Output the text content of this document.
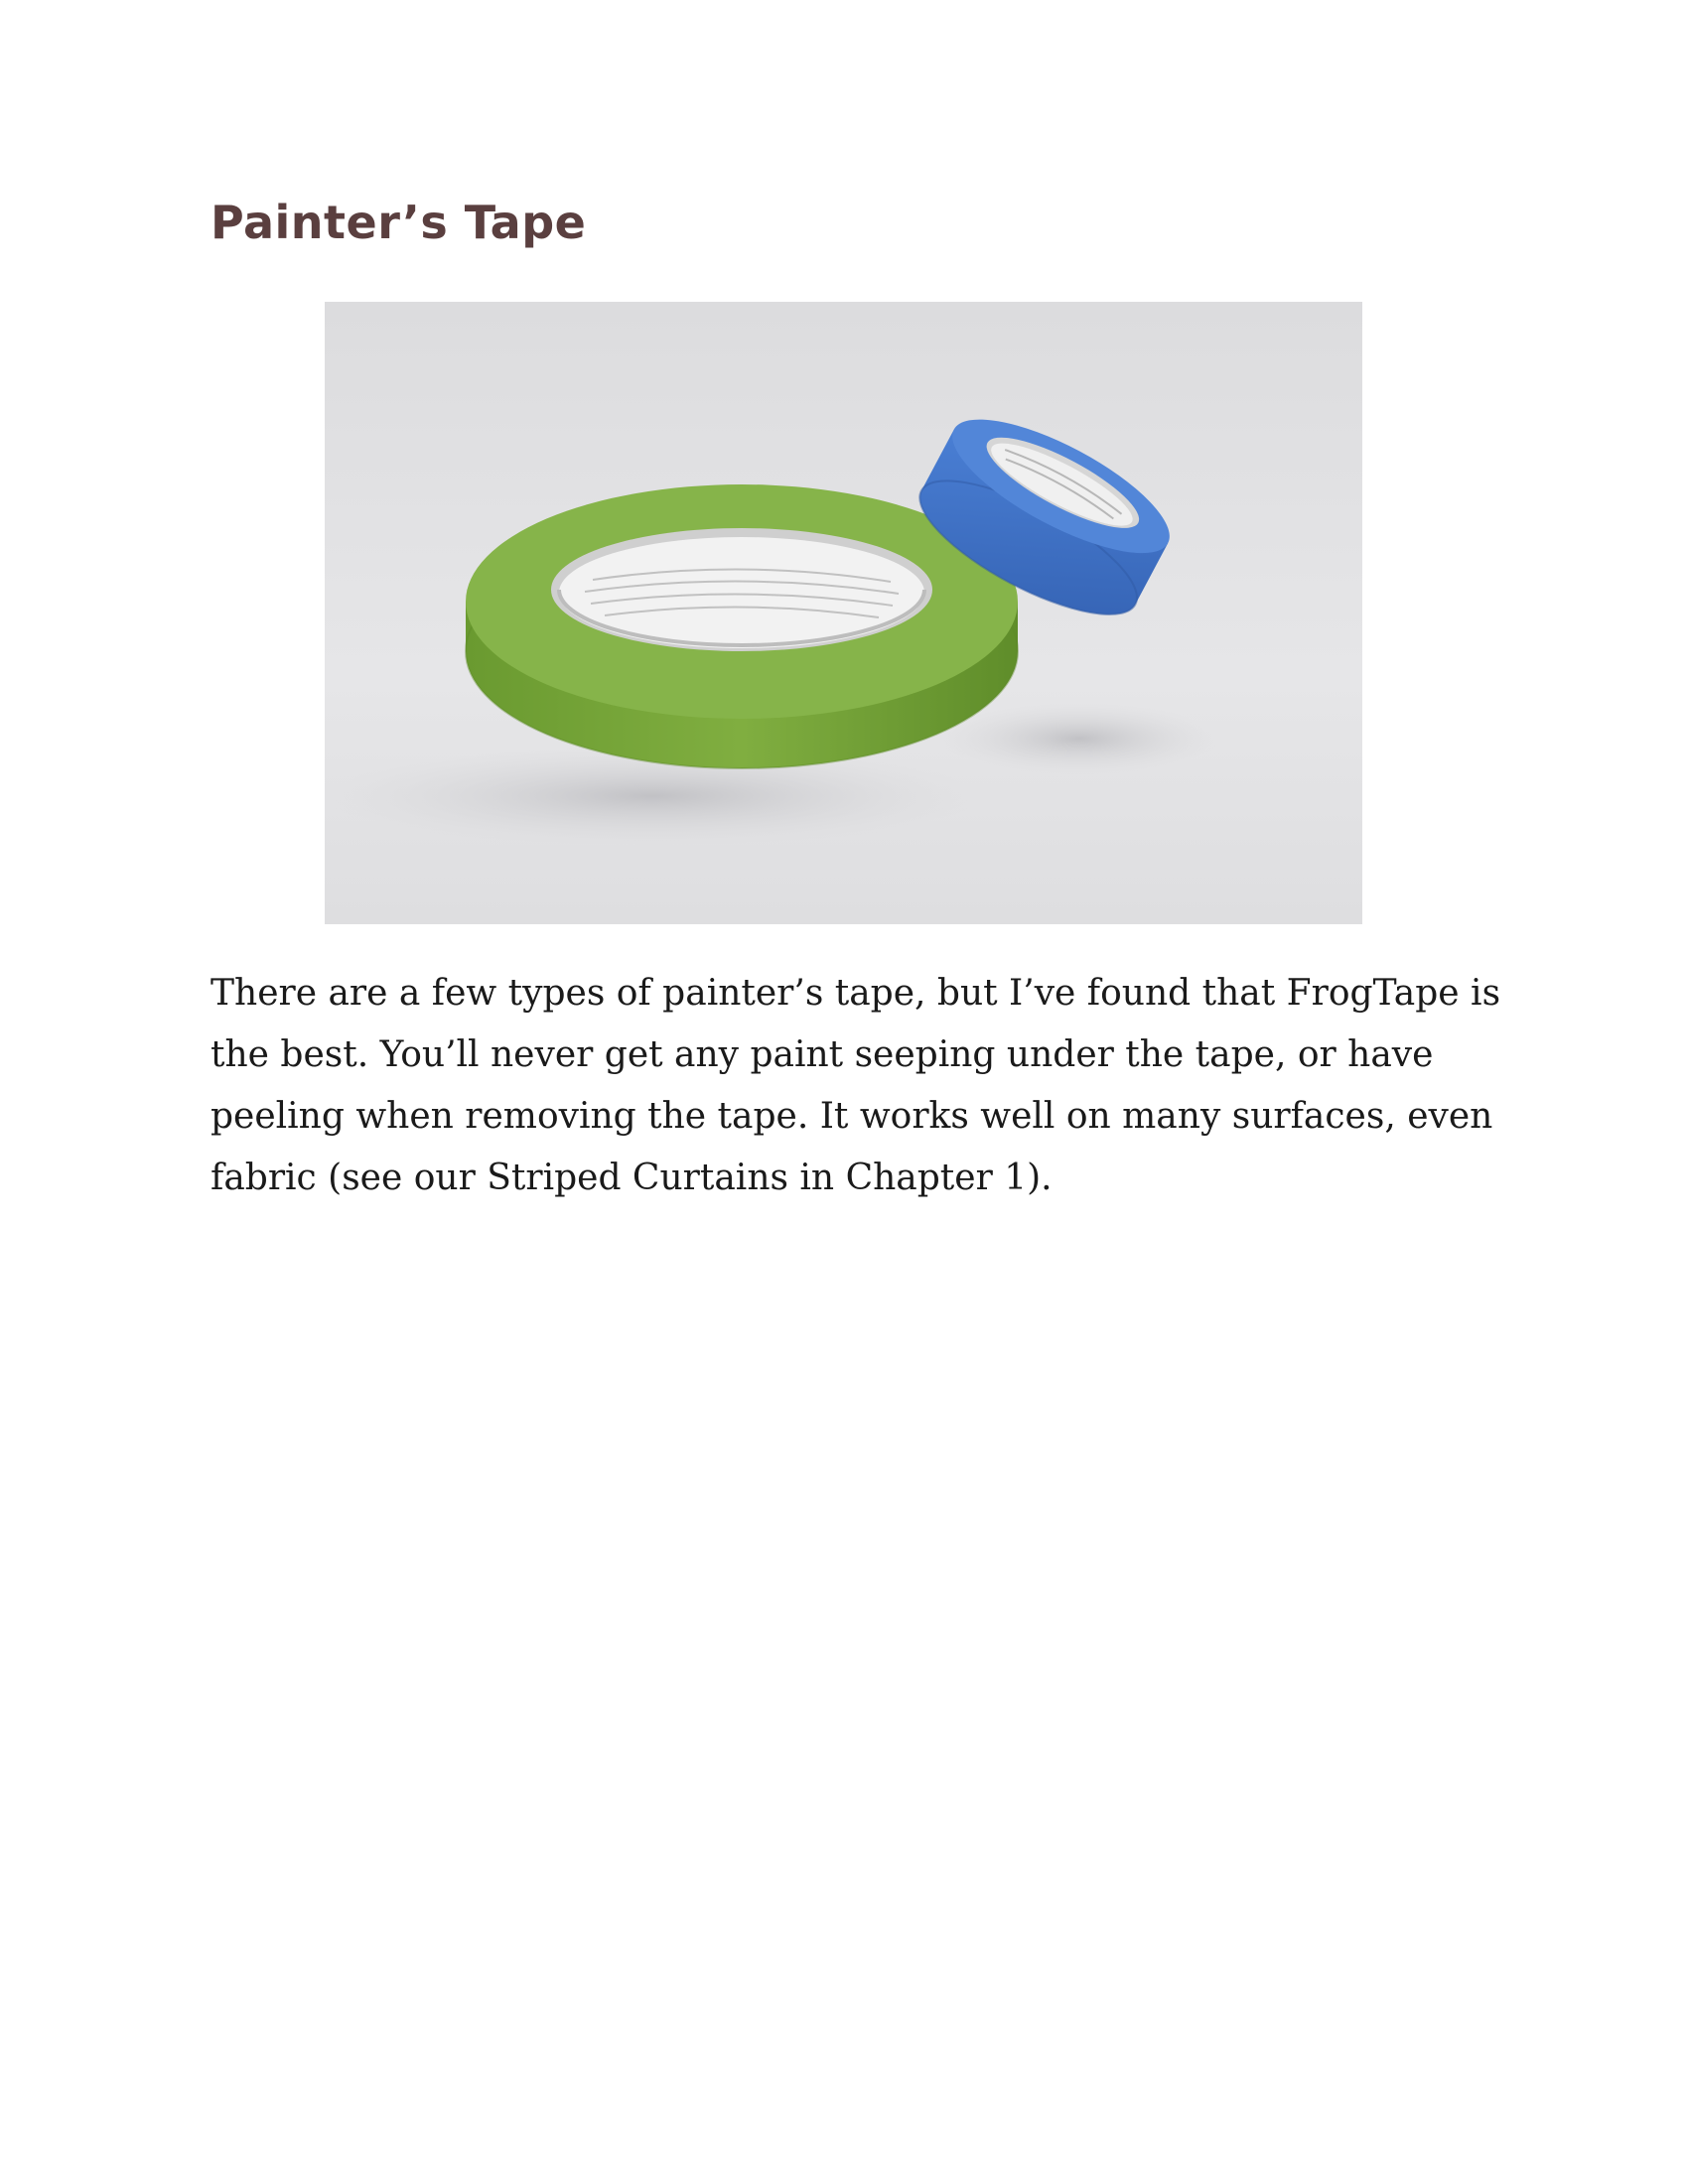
Painter’s Tape

There are a few types of painter’s tape, but I’ve found that FrogTape is the best. You’ll never get any paint seeping under the tape, or have peeling when removing the tape. It works well on many surfaces, even fabric (see our Striped Curtains in Chapter 1).
